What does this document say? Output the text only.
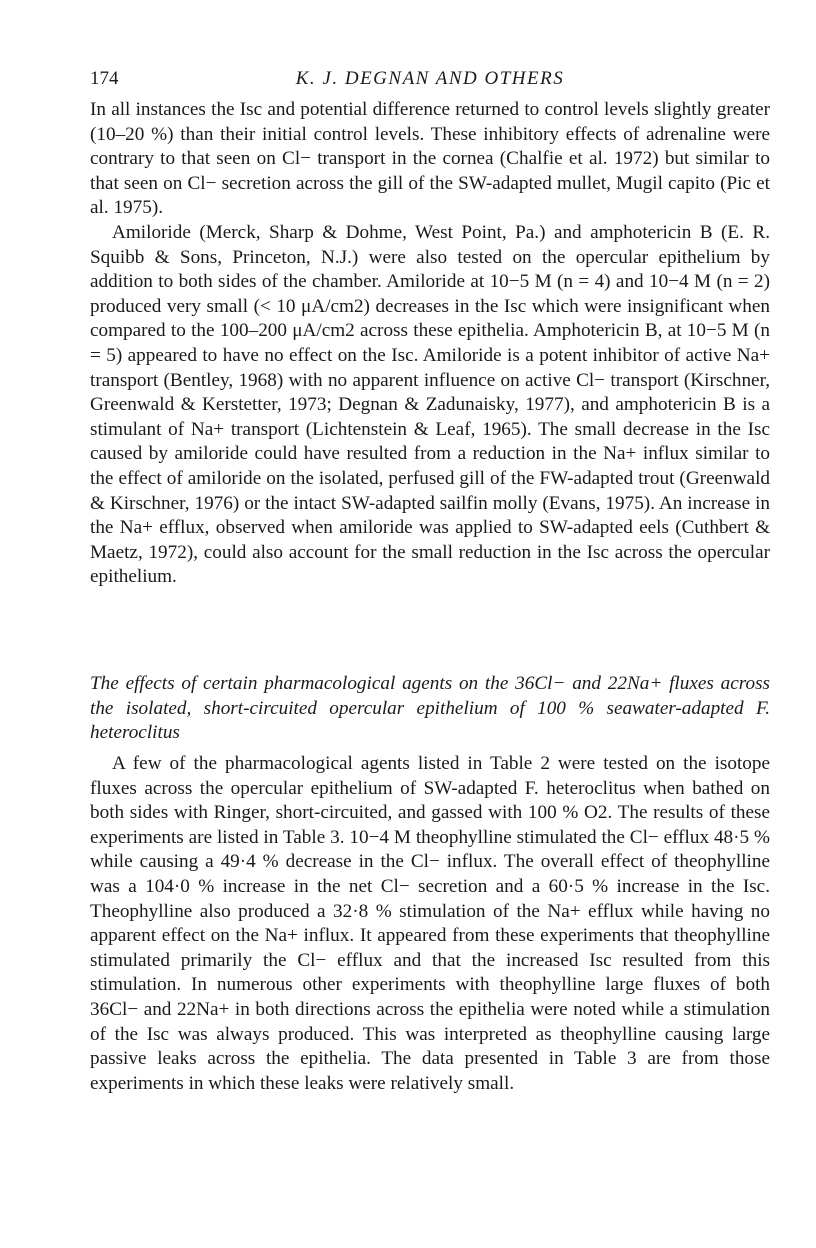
174	K. J. DEGNAN AND OTHERS

In all instances the Isc and potential difference returned to control levels slightly greater (10–20 %) than their initial control levels. These inhibitory effects of adrenaline were contrary to that seen on Cl− transport in the cornea (Chalfie et al. 1972) but similar to that seen on Cl− secretion across the gill of the SW-adapted mullet, Mugil capito (Pic et al. 1975).

Amiloride (Merck, Sharp & Dohme, West Point, Pa.) and amphotericin B (E. R. Squibb & Sons, Princeton, N.J.) were also tested on the opercular epithelium by addition to both sides of the chamber. Amiloride at 10−5 M (n = 4) and 10−4 M (n = 2) produced very small (< 10 μA/cm2) decreases in the Isc which were insignificant when compared to the 100–200 μA/cm2 across these epithelia. Amphotericin B, at 10−5 M (n = 5) appeared to have no effect on the Isc. Amiloride is a potent inhibitor of active Na+ transport (Bentley, 1968) with no apparent influence on active Cl− transport (Kirschner, Greenwald & Kerstetter, 1973; Degnan & Zadunaisky, 1977), and amphotericin B is a stimulant of Na+ transport (Lichtenstein & Leaf, 1965). The small decrease in the Isc caused by amiloride could have resulted from a reduction in the Na+ influx similar to the effect of amiloride on the isolated, perfused gill of the FW-adapted trout (Greenwald & Kirschner, 1976) or the intact SW-adapted sailfin molly (Evans, 1975). An increase in the Na+ efflux, observed when amiloride was applied to SW-adapted eels (Cuthbert & Maetz, 1972), could also account for the small reduction in the Isc across the opercular epithelium.

The effects of certain pharmacological agents on the 36Cl− and 22Na+ fluxes across the isolated, short-circuited opercular epithelium of 100 % seawater-adapted F. heteroclitus

A few of the pharmacological agents listed in Table 2 were tested on the isotope fluxes across the opercular epithelium of SW-adapted F. heteroclitus when bathed on both sides with Ringer, short-circuited, and gassed with 100 % O2. The results of these experiments are listed in Table 3. 10−4 M theophylline stimulated the Cl− efflux 48·5 % while causing a 49·4 % decrease in the Cl− influx. The overall effect of theophylline was a 104·0 % increase in the net Cl− secretion and a 60·5 % increase in the Isc. Theophylline also produced a 32·8 % stimulation of the Na+ efflux while having no apparent effect on the Na+ influx. It appeared from these experiments that theophylline stimulated primarily the Cl− efflux and that the increased Isc resulted from this stimulation. In numerous other experiments with theophylline large fluxes of both 36Cl− and 22Na+ in both directions across the epithelia were noted while a stimulation of the Isc was always produced. This was interpreted as theophylline causing large passive leaks across the epithelia. The data presented in Table 3 are from those experiments in which these leaks were relatively small.
